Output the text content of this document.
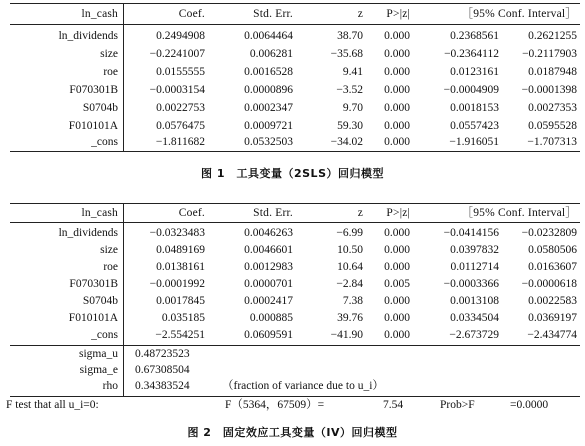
ln_cash	Coef.	Std. Err.	z P>|z|	［95% Conf. Interval］
ln_dividends	0.2494908	0.0064464	38.70 0.000	0.2368561	0.2621255
size	−0.2241007	0.006281	−35.68 0.000	−0.2364112 −0.2117903
roe	0.0155555	0.0016528	9.41 0.000	0.0123161	0.0187948
F070301B	−0.0003154	0.0000896	−3.52 0.000	−0.0004909 −0.0001398
S0704b	0.0022753	0.0002347	9.70 0.000	0.0018153	0.0027353
F010101A	0.0576475	0.0009721	59.30 0.000	0.0557423	0.0595528
_cons	−1.811682	0.0532503	−34.02 0.000	−1.916051 −1.707313
图 1　工具变量（2SLS）回归模型
ln_cash	Coef.	Std. Err.	z P>|z|	［95% Conf. Interval］
ln_dividends	−0.0323483	0.0046263	−6.99 0.000	−0.0414156 −0.0232809
size	0.0489169	0.0046601	10.50 0.000	0.0397832	0.0580506
roe	0.0138161	0.0012983	10.64 0.000	0.0112714	0.0163607
F070301B	−0.0001992	0.0000701	−2.84 0.005	−0.0003366 −0.0000618
S0704b	0.0017845	0.0002417	7.38 0.000	0.0013108	0.0022583
F010101A	0.035185	0.000885	39.76 0.000	0.0334504	0.0369197
_cons	−2.554251	0.0609591	−41.90 0.000	−2.673729 −2.434774
sigma_u 0.48723523
sigma_e 0.67308504
rho 0.34383524	（fraction of variance due to u_i）
F test that all u_i=0:	F（5364，67509）=	7.54	Prob>F	=0.0000
图 2　固定效应工具变量（IV）回归模型
